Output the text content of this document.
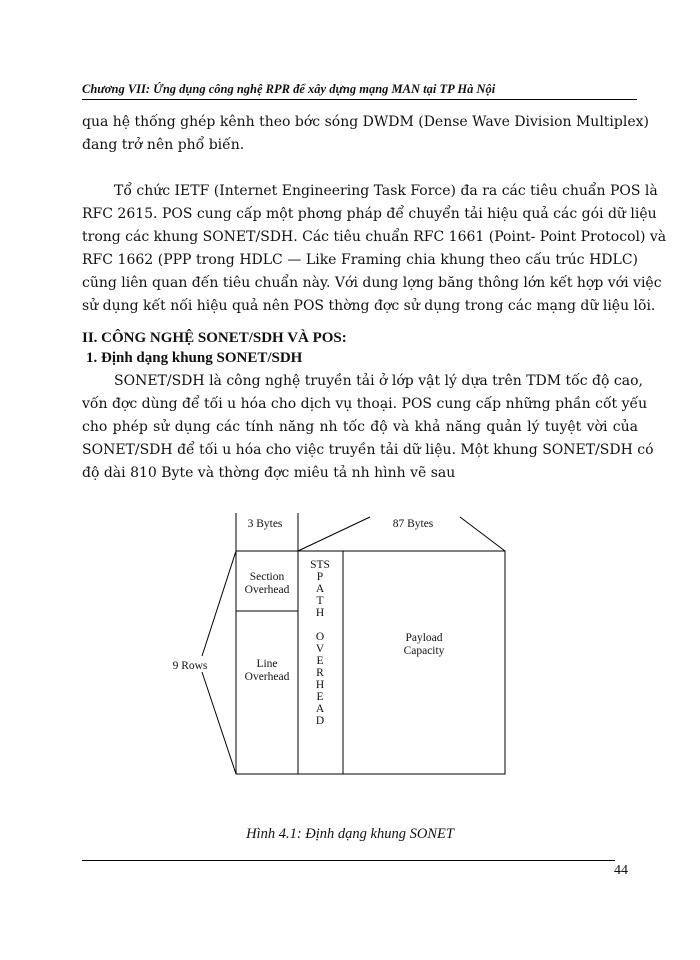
Chương VII: Ứng dụng công nghệ RPR để xây dựng mạng MAN tại TP Hà Nội

qua hệ thống ghép kênh theo bớc sóng DWDM (Dense Wave Division Multiplex)
đang trở nên phổ biến.

Tổ chức IETF (Internet Engineering Task Force) đa ra các tiêu chuẩn POS là
RFC 2615. POS cung cấp một phơng pháp để chuyển tải hiệu quả các gói dữ liệu
trong các khung SONET/SDH. Các tiêu chuẩn RFC 1661 (Point- Point Protocol) và
RFC 1662 (PPP trong HDLC — Like Framing chia khung theo cấu trúc HDLC)
cũng liên quan đến tiêu chuẩn này. Với dung lợng băng thông lớn kết hợp với việc
sử dụng kết nối hiệu quả nên POS thờng đợc sử dụng trong các mạng dữ liệu lõi.

II. CÔNG NGHỆ SONET/SDH VÀ POS:
1. Định dạng khung SONET/SDH

SONET/SDH là công nghệ truyền tải ở lớp vật lý dựa trên TDM tốc độ cao,
vốn đợc dùng để tối u hóa cho dịch vụ thoại. POS cung cấp những phần cốt yếu
cho phép sử dụng các tính năng nh tốc độ và khả năng quản lý tuyệt vời của
SONET/SDH để tối u hóa cho việc truyền tải dữ liệu. Một khung SONET/SDH có
độ dài 810 Byte và thờng đợc miêu tả nh hình vẽ sau

3 Bytes	87 Bytes
9 Rows
Section
Overhead
Line
Overhead
STS
P
A
T
H
O
V
E
R
H
E
A
D
Payload
Capacity
Hình 4.1: Định dạng khung SONET
44
